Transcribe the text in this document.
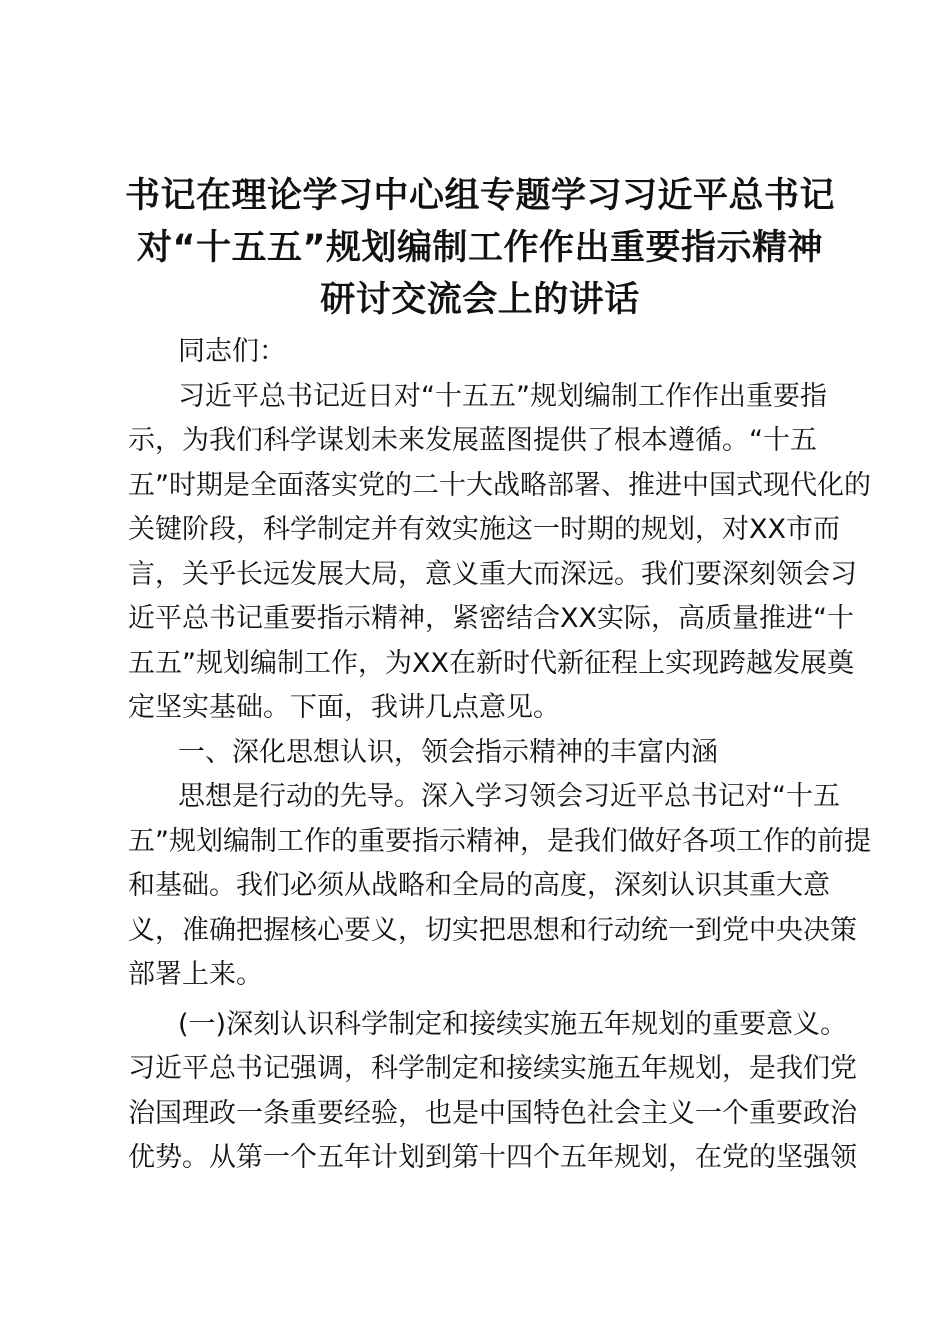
书记在理论学习中心组专题学习习近平总书记
对“十五五”规划编制工作作出重要指示精神
研讨交流会上的讲话
同志们：
习近平总书记近日对“十五五”规划编制工作作出重要指
示，为我们科学谋划未来发展蓝图提供了根本遵循。“十五
五”时期是全面落实党的二十大战略部署、推进中国式现代化的
关键阶段，科学制定并有效实施这一时期的规划，对XX市而
言，关乎长远发展大局，意义重大而深远。我们要深刻领会习
近平总书记重要指示精神，紧密结合XX实际，高质量推进“十
五五”规划编制工作，为XX在新时代新征程上实现跨越发展奠
定坚实基础。下面，我讲几点意见。
一、深化思想认识，领会指示精神的丰富内涵
思想是行动的先导。深入学习领会习近平总书记对“十五
五”规划编制工作的重要指示精神，是我们做好各项工作的前提
和基础。我们必须从战略和全局的高度，深刻认识其重大意
义，准确把握核心要义，切实把思想和行动统一到党中央决策
部署上来。
(一)深刻认识科学制定和接续实施五年规划的重要意义。
习近平总书记强调，科学制定和接续实施五年规划，是我们党
治国理政一条重要经验，也是中国特色社会主义一个重要政治
优势。从第一个五年计划到第十四个五年规划，在党的坚强领
